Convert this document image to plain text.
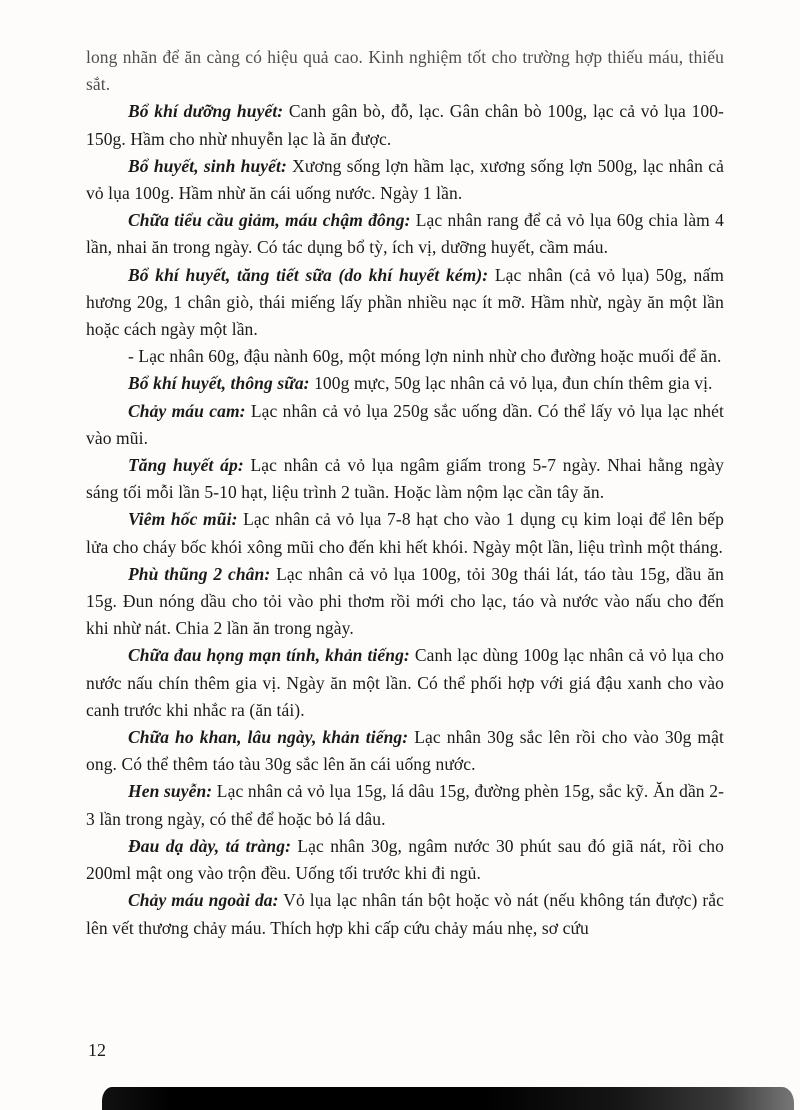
long nhãn để ăn càng có hiệu quả cao. Kinh nghiệm tốt cho trường hợp thiếu máu, thiếu sắt.

Bổ khí dưỡng huyết: Canh gân bò, đỗ, lạc. Gân chân bò 100g, lạc cả vỏ lụa 100-150g. Hầm cho nhừ nhuyễn lạc là ăn được.

Bổ huyết, sinh huyết: Xương sống lợn hầm lạc, xương sống lợn 500g, lạc nhân cả vỏ lụa 100g. Hầm nhừ ăn cái uống nước. Ngày 1 lần.

Chữa tiểu cầu giảm, máu chậm đông: Lạc nhân rang để cả vỏ lụa 60g chia làm 4 lần, nhai ăn trong ngày. Có tác dụng bổ tỳ, ích vị, dưỡng huyết, cầm máu.

Bổ khí huyết, tăng tiết sữa (do khí huyết kém): Lạc nhân (cả vỏ lụa) 50g, nấm hương 20g, 1 chân giò, thái miếng lấy phần nhiều nạc ít mỡ. Hầm nhừ, ngày ăn một lần hoặc cách ngày một lần.

- Lạc nhân 60g, đậu nành 60g, một móng lợn ninh nhừ cho đường hoặc muối để ăn.

Bổ khí huyết, thông sữa: 100g mực, 50g lạc nhân cả vỏ lụa, đun chín thêm gia vị.

Chảy máu cam: Lạc nhân cả vỏ lụa 250g sắc uống dần. Có thể lấy vỏ lụa lạc nhét vào mũi.

Tăng huyết áp: Lạc nhân cả vỏ lụa ngâm giấm trong 5-7 ngày. Nhai hằng ngày sáng tối mỗi lần 5-10 hạt, liệu trình 2 tuần. Hoặc làm nộm lạc cần tây ăn.

Viêm hốc mũi: Lạc nhân cả vỏ lụa 7-8 hạt cho vào 1 dụng cụ kim loại để lên bếp lửa cho cháy bốc khói xông mũi cho đến khi hết khói. Ngày một lần, liệu trình một tháng.

Phù thũng 2 chân: Lạc nhân cả vỏ lụa 100g, tỏi 30g thái lát, táo tàu 15g, dầu ăn 15g. Đun nóng dầu cho tỏi vào phi thơm rồi mới cho lạc, táo và nước vào nấu cho đến khi nhừ nát. Chia 2 lần ăn trong ngày.

Chữa đau họng mạn tính, khản tiếng: Canh lạc dùng 100g lạc nhân cả vỏ lụa cho nước nấu chín thêm gia vị. Ngày ăn một lần. Có thể phối hợp với giá đậu xanh cho vào canh trước khi nhắc ra (ăn tái).

Chữa ho khan, lâu ngày, khản tiếng: Lạc nhân 30g sắc lên rồi cho vào 30g mật ong. Có thể thêm táo tàu 30g sắc lên ăn cái uống nước.

Hen suyễn: Lạc nhân cả vỏ lụa 15g, lá dâu 15g, đường phèn 15g, sắc kỹ. Ăn dần 2-3 lần trong ngày, có thể để hoặc bỏ lá dâu.

Đau dạ dày, tá tràng: Lạc nhân 30g, ngâm nước 30 phút sau đó giã nát, rồi cho 200ml mật ong vào trộn đều. Uống tối trước khi đi ngủ.

Chảy máu ngoài da: Vỏ lụa lạc nhân tán bột hoặc vò nát (nếu không tán được) rắc lên vết thương chảy máu. Thích hợp khi cấp cứu chảy máu nhẹ, sơ cứu

12
